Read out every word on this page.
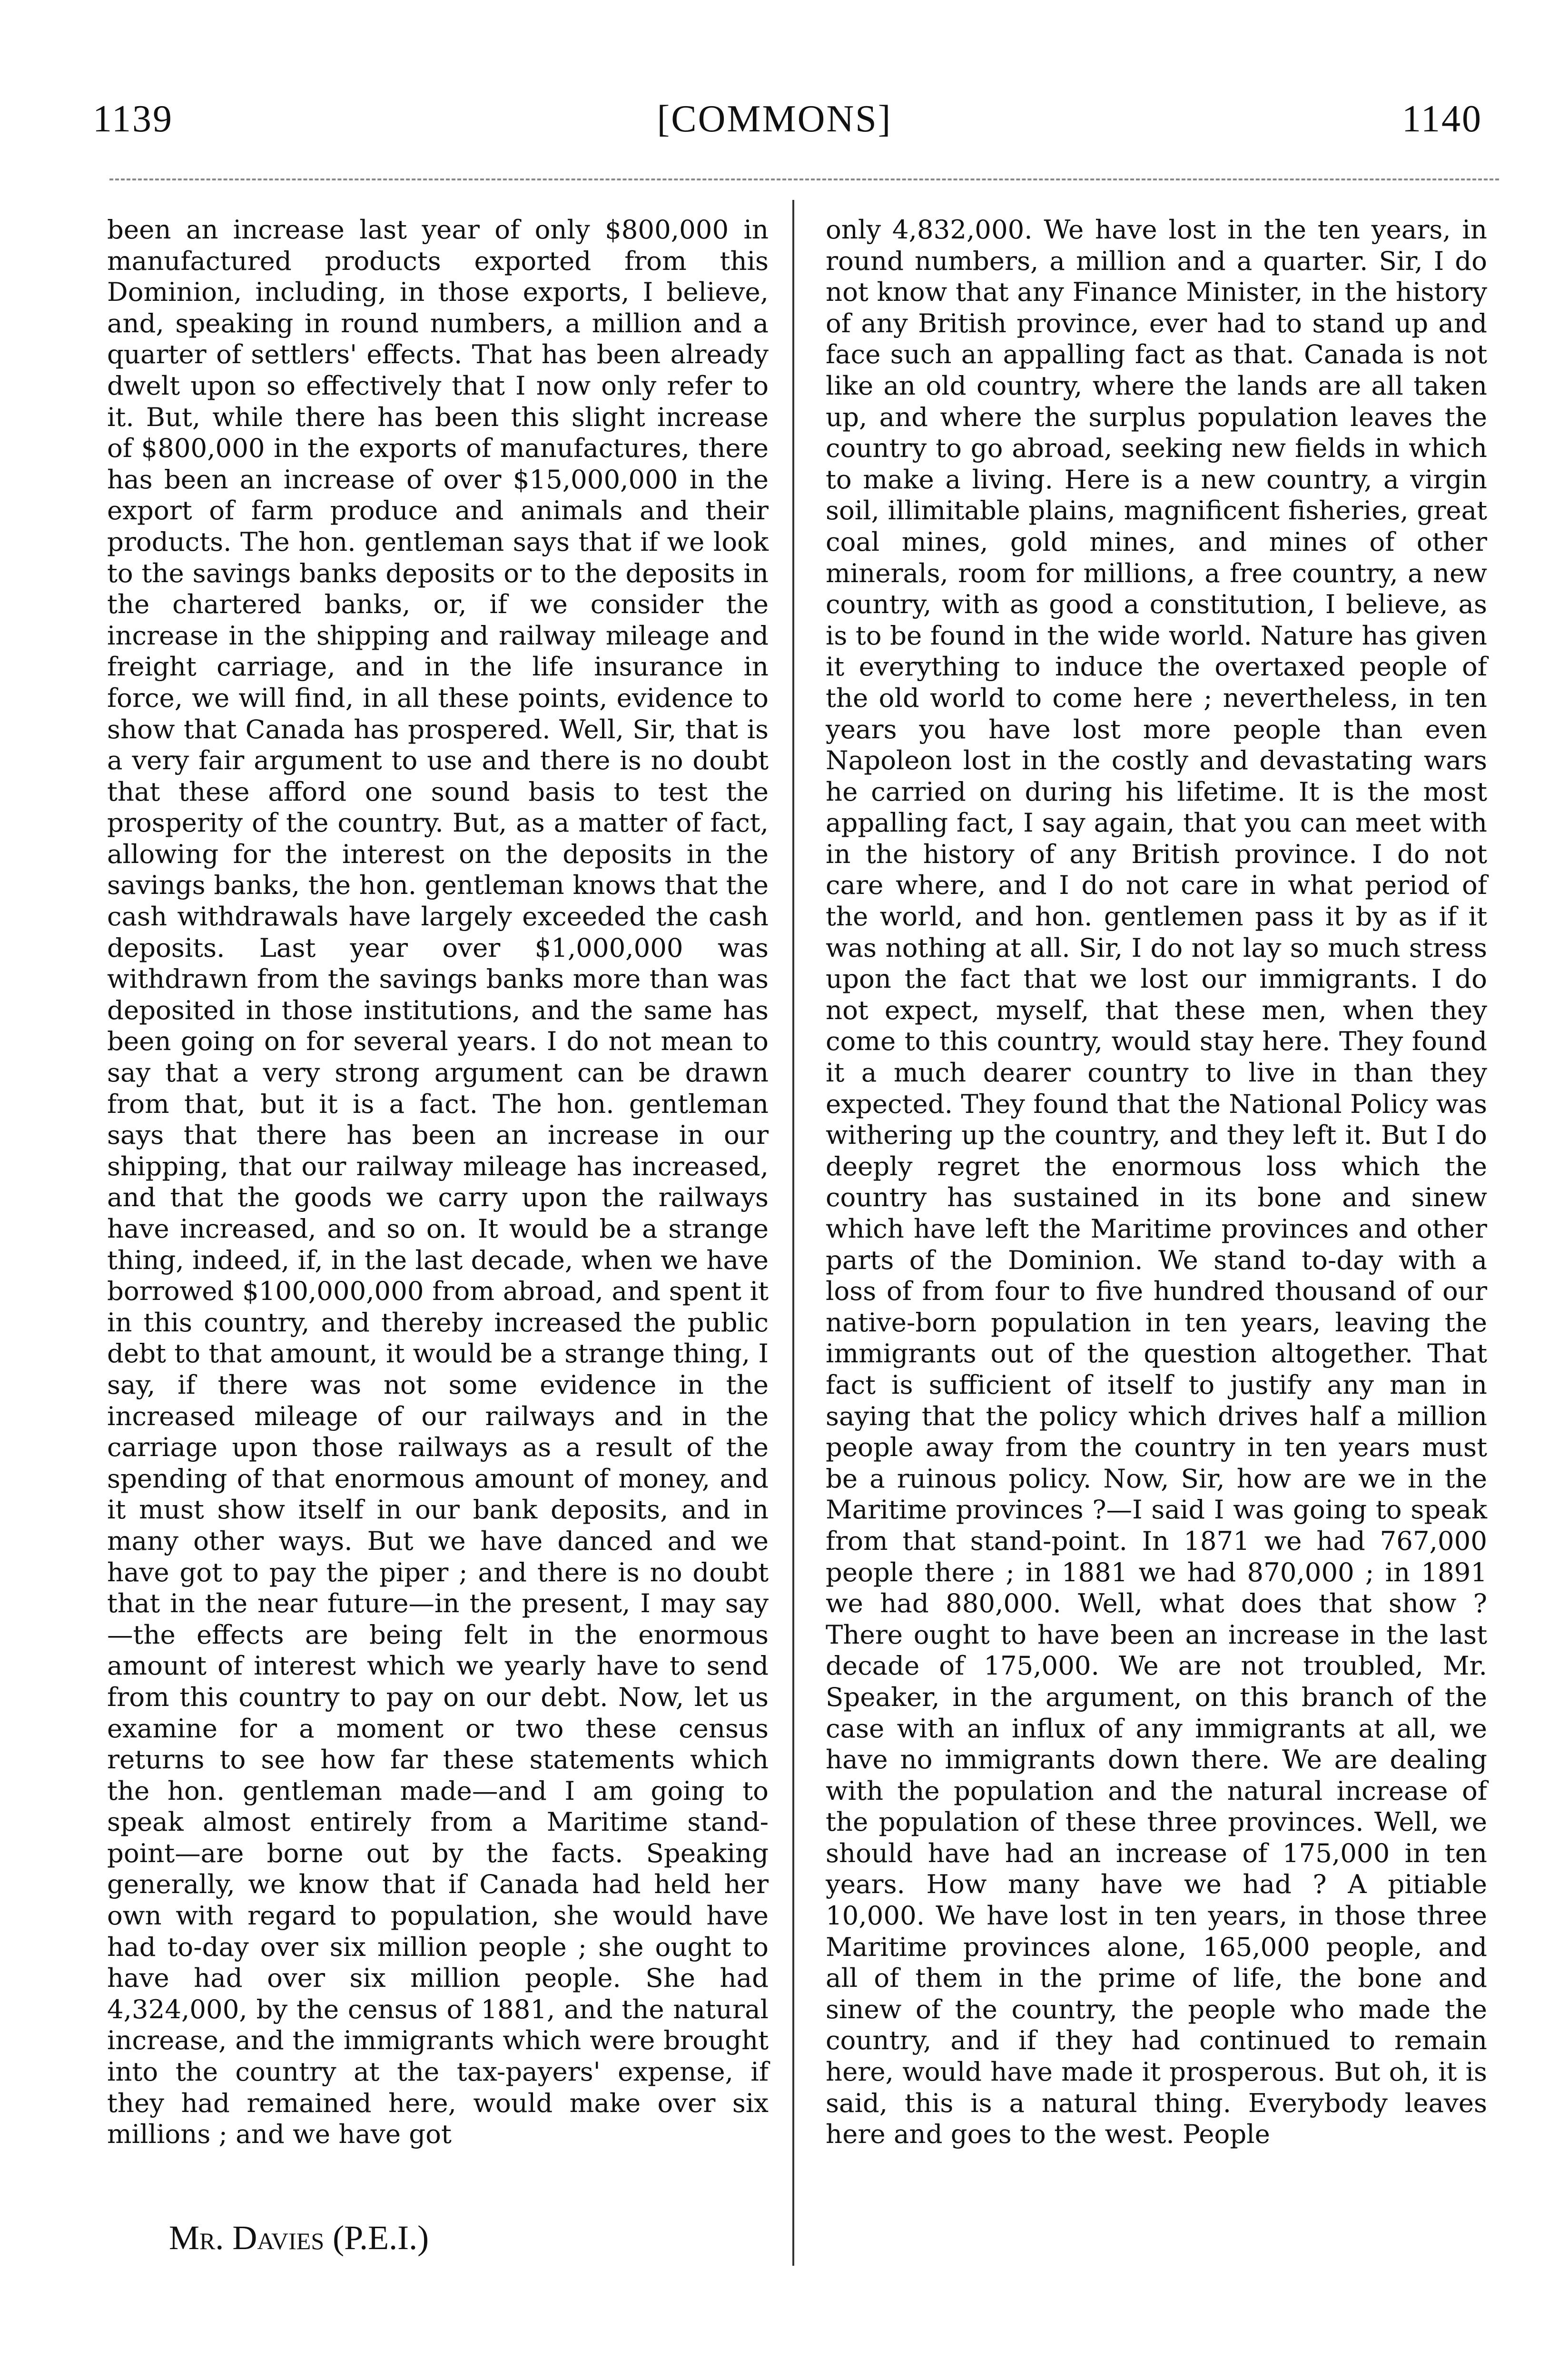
1139	[COMMONS]	1140

been an increase last year of only $800,000 in manufactured products exported from this Dominion, including, in those exports, I believe, and, speaking in round numbers, a million and a quarter of settlers' effects. That has been already dwelt upon so effectively that I now only refer to it. But, while there has been this slight increase of $800,000 in the exports of manufactures, there has been an increase of over $15,000,000 in the export of farm produce and animals and their products. The hon. gentleman says that if we look to the savings banks deposits or to the deposits in the chartered banks, or, if we consider the increase in the shipping and railway mileage and freight carriage, and in the life insurance in force, we will find, in all these points, evidence to show that Canada has prospered. Well, Sir, that is a very fair argument to use and there is no doubt that these afford one sound basis to test the prosperity of the country. But, as a matter of fact, allowing for the interest on the deposits in the savings banks, the hon. gentleman knows that the cash withdrawals have largely exceeded the cash deposits. Last year over $1,000,000 was withdrawn from the savings banks more than was deposited in those institutions, and the same has been going on for several years. I do not mean to say that a very strong argument can be drawn from that, but it is a fact. The hon. gentleman says that there has been an increase in our shipping, that our railway mileage has increased, and that the goods we carry upon the railways have increased, and so on. It would be a strange thing, indeed, if, in the last decade, when we have borrowed $100,000,000 from abroad, and spent it in this country, and thereby increased the public debt to that amount, it would be a strange thing, I say, if there was not some evidence in the increased mileage of our railways and in the carriage upon those railways as a result of the spending of that enormous amount of money, and it must show itself in our bank deposits, and in many other ways. But we have danced and we have got to pay the piper ; and there is no doubt that in the near future—in the present, I may say—the effects are being felt in the enormous amount of interest which we yearly have to send from this country to pay on our debt. Now, let us examine for a moment or two these census returns to see how far these statements which the hon. gentleman made—and I am going to speak almost entirely from a Maritime stand-point—are borne out by the facts. Speaking generally, we know that if Canada had held her own with regard to population, she would have had to-day over six million people ; she ought to have had over six million people. She had 4,324,000, by the census of 1881, and the natural increase, and the immigrants which were brought into the country at the tax-payers' expense, if they had remained here, would make over six millions ; and we have got

only 4,832,000. We have lost in the ten years, in round numbers, a million and a quarter. Sir, I do not know that any Finance Minister, in the history of any British province, ever had to stand up and face such an appalling fact as that. Canada is not like an old country, where the lands are all taken up, and where the surplus population leaves the country to go abroad, seeking new fields in which to make a living. Here is a new country, a virgin soil, illimitable plains, magnificent fisheries, great coal mines, gold mines, and mines of other minerals, room for millions, a free country, a new country, with as good a constitution, I believe, as is to be found in the wide world. Nature has given it everything to induce the overtaxed people of the old world to come here ; nevertheless, in ten years you have lost more people than even Napoleon lost in the costly and devastating wars he carried on during his lifetime. It is the most appalling fact, I say again, that you can meet with in the history of any British province. I do not care where, and I do not care in what period of the world, and hon. gentlemen pass it by as if it was nothing at all. Sir, I do not lay so much stress upon the fact that we lost our immigrants. I do not expect, myself, that these men, when they come to this country, would stay here. They found it a much dearer country to live in than they expected. They found that the National Policy was withering up the country, and they left it. But I do deeply regret the enormous loss which the country has sustained in its bone and sinew which have left the Maritime provinces and other parts of the Dominion. We stand to-day with a loss of from four to five hundred thousand of our native-born population in ten years, leaving the immigrants out of the question altogether. That fact is sufficient of itself to justify any man in saying that the policy which drives half a million people away from the country in ten years must be a ruinous policy. Now, Sir, how are we in the Maritime provinces ?—I said I was going to speak from that stand-point. In 1871 we had 767,000 people there ; in 1881 we had 870,000 ; in 1891 we had 880,000. Well, what does that show ? There ought to have been an increase in the last decade of 175,000. We are not troubled, Mr. Speaker, in the argument, on this branch of the case with an influx of any immigrants at all, we have no immigrants down there. We are dealing with the population and the natural increase of the population of these three provinces. Well, we should have had an increase of 175,000 in ten years. How many have we had ? A pitiable 10,000. We have lost in ten years, in those three Maritime provinces alone, 165,000 people, and all of them in the prime of life, the bone and sinew of the country, the people who made the country, and if they had continued to remain here, would have made it prosperous. But oh, it is said, this is a natural thing. Everybody leaves here and goes to the west. People

Mr. Davies (P.E.I.)
